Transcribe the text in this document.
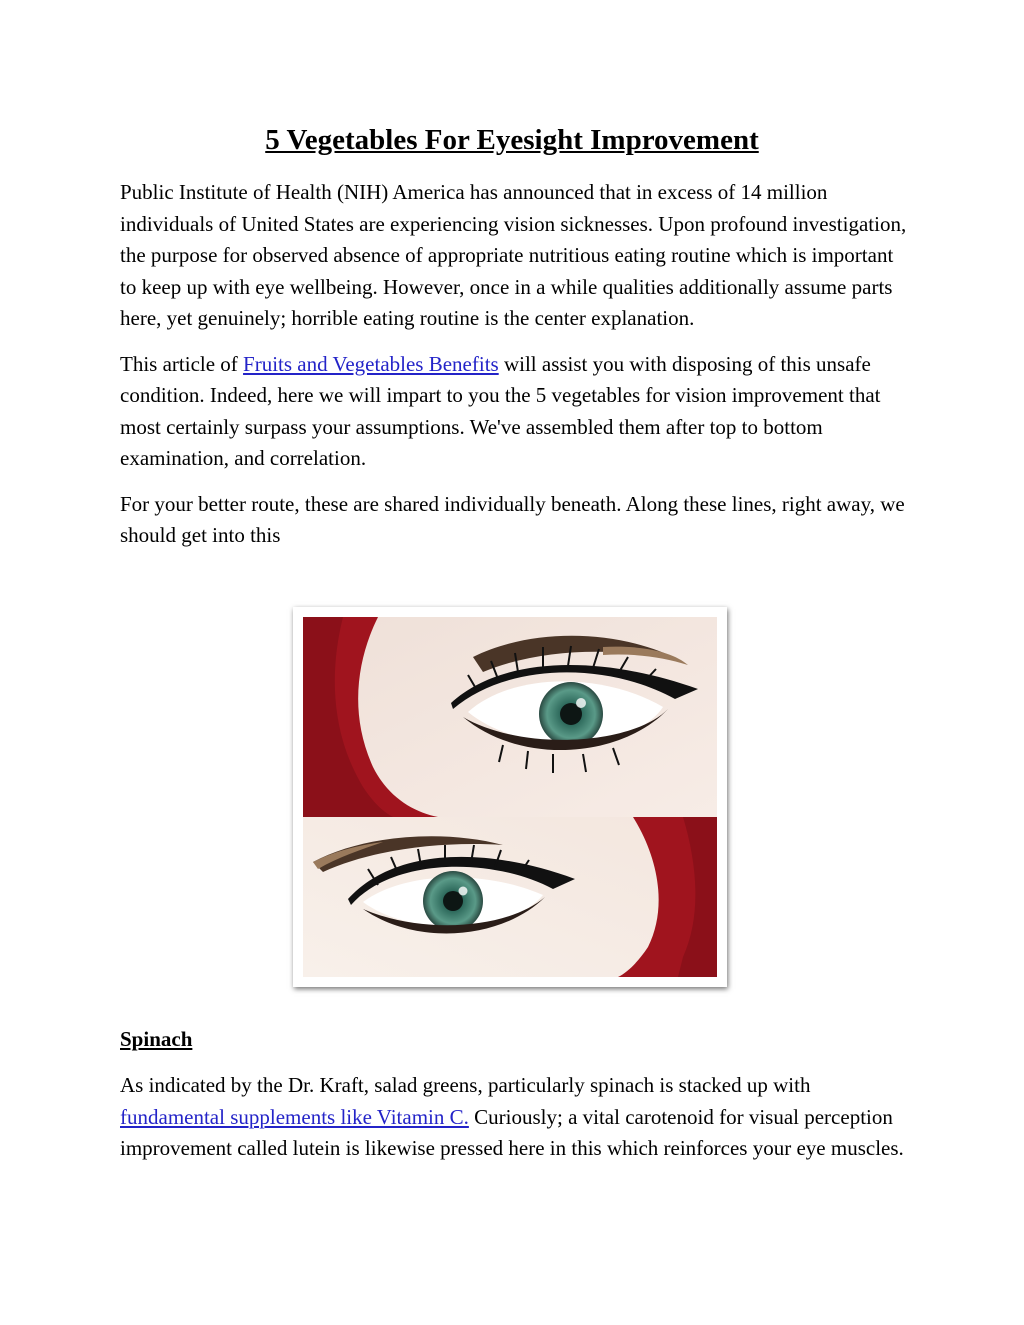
5 Vegetables For Eyesight Improvement

Public Institute of Health (NIH) America has announced that in excess of 14 million individuals of United States are experiencing vision sicknesses. Upon profound investigation, the purpose for observed absence of appropriate nutritious eating routine which is important to keep up with eye wellbeing. However, once in a while qualities additionally assume parts here, yet genuinely; horrible eating routine is the center explanation.

This article of Fruits and Vegetables Benefits will assist you with disposing of this unsafe condition. Indeed, here we will impart to you the 5 vegetables for vision improvement that most certainly surpass your assumptions. We've assembled them after top to bottom examination, and correlation.

For your better route, these are shared individually beneath. Along these lines, right away, we should get into this

Spinach

As indicated by the Dr. Kraft, salad greens, particularly spinach is stacked up with fundamental supplements like Vitamin C. Curiously; a vital carotenoid for visual perception improvement called lutein is likewise pressed here in this which reinforces your eye muscles.
